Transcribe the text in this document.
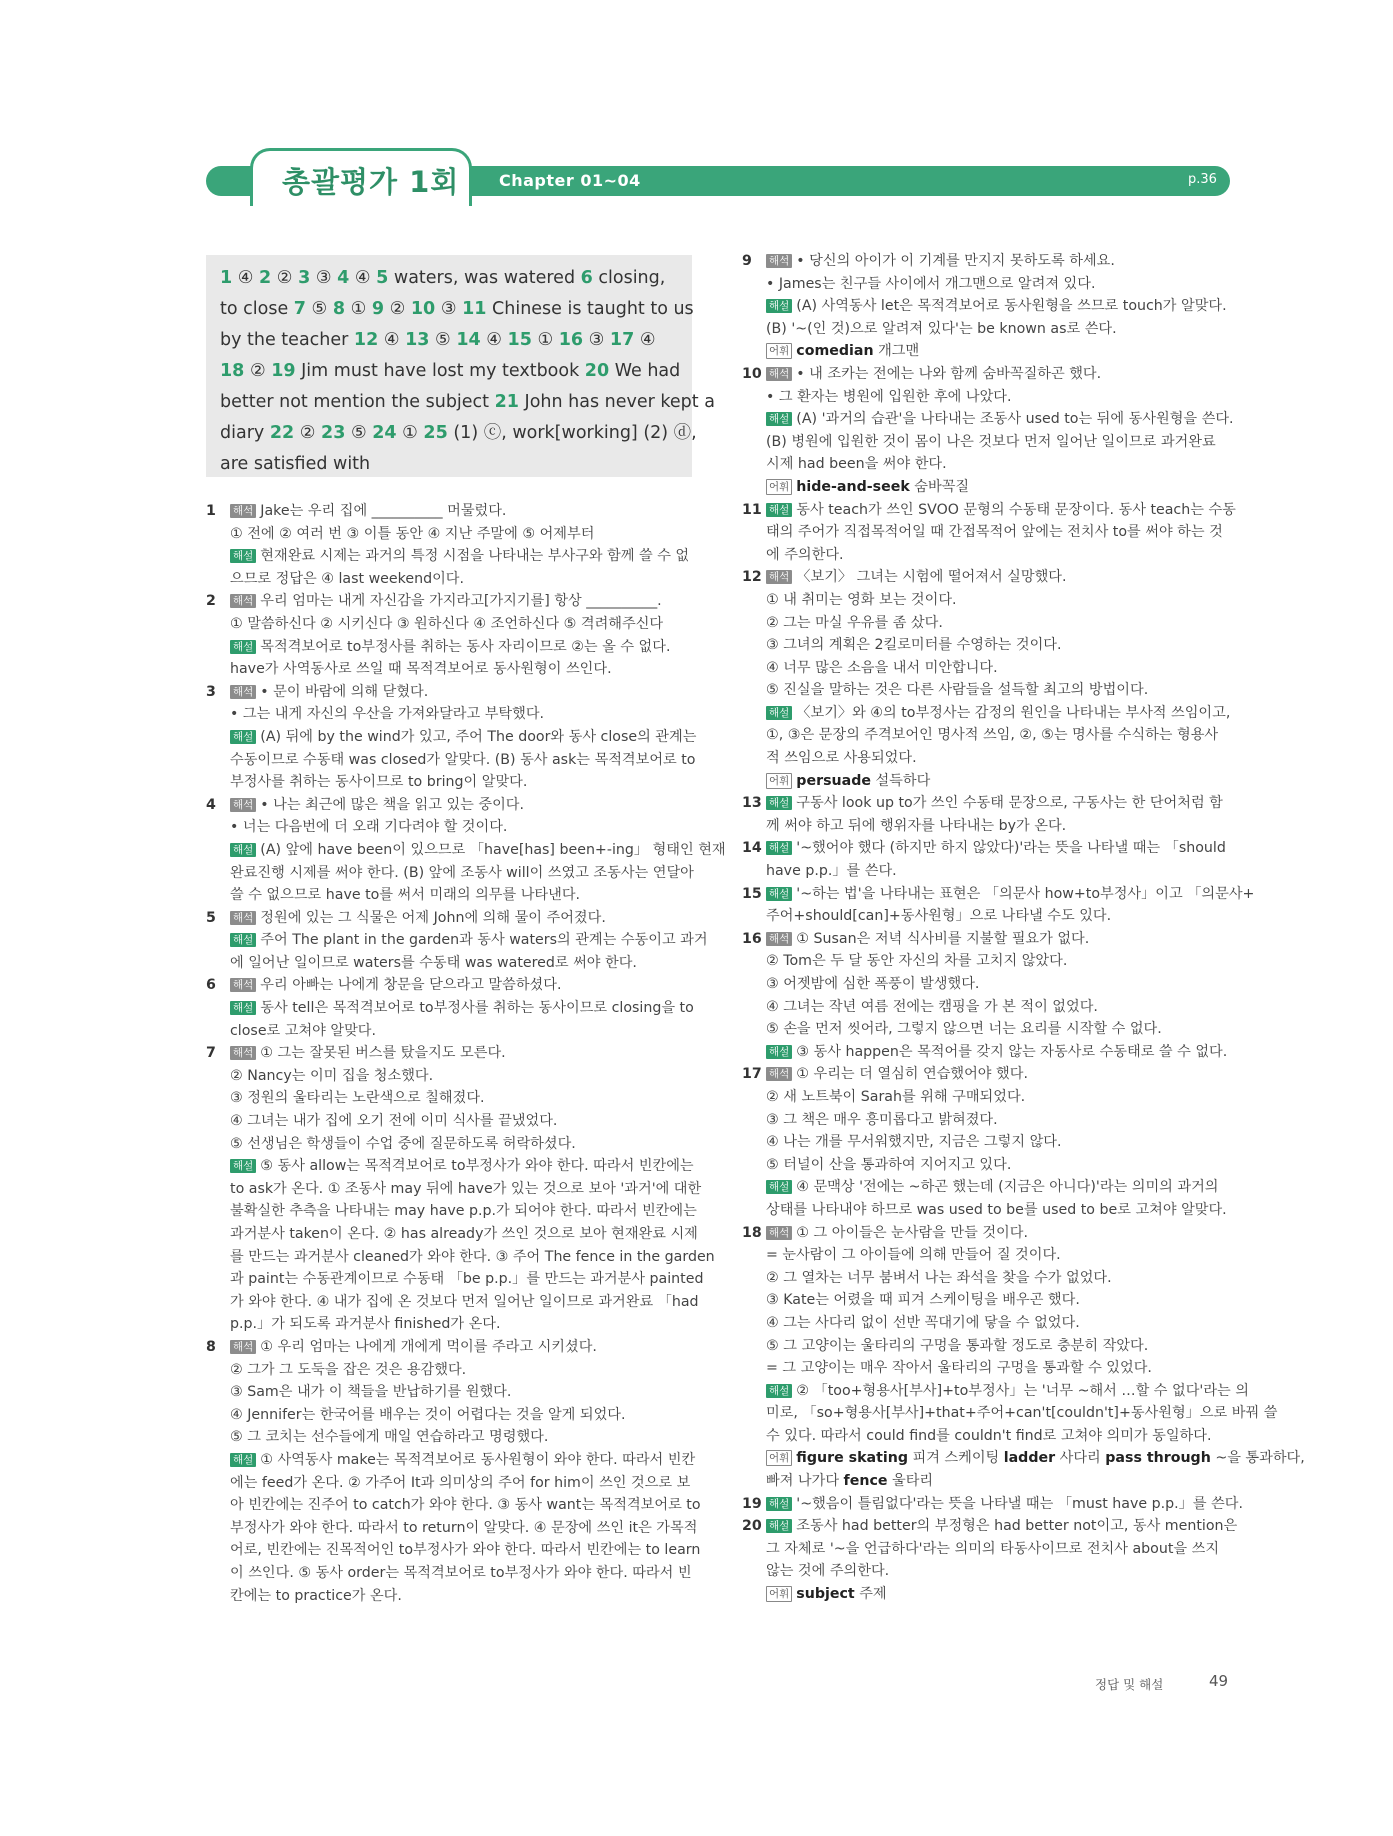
총괄평가 1회 Chapter 01~04	p.36
1 ④ 2 ② 3 ③ 4 ④ 5 waters, was watered 6 closing,
to close 7 ⑤ 8 ① 9 ② 10 ③ 11 Chinese is taught to us
by the teacher 12 ④ 13 ⑤ 14 ④ 15 ① 16 ③ 17 ④
18 ② 19 Jim must have lost my textbook 20 We had
better not mention the subject 21 John has never kept a
diary 22 ② 23 ⑤ 24 ① 25 (1) ⓒ, work[working] (2) ⓓ,
are satisfied with
1 해석 Jake는 우리 집에 __________ 머물렀다.
① 전에 ② 여러 번 ③ 이틀 동안 ④ 지난 주말에 ⑤ 어제부터
해설 현재완료 시제는 과거의 특정 시점을 나타내는 부사구와 함께 쓸 수 없
으므로 정답은 ④ last weekend이다.
2 해석 우리 엄마는 내게 자신감을 가지라고[가지기를] 항상 __________.
① 말씀하신다 ② 시키신다 ③ 원하신다 ④ 조언하신다 ⑤ 격려해주신다
해설 목적격보어로 to부정사를 취하는 동사 자리이므로 ②는 올 수 없다.
have가 사역동사로 쓰일 때 목적격보어로 동사원형이 쓰인다.
3 해석 • 문이 바람에 의해 닫혔다.
• 그는 내게 자신의 우산을 가져와달라고 부탁했다.
해설 (A) 뒤에 by the wind가 있고, 주어 The door와 동사 close의 관계는
수동이므로 수동태 was closed가 알맞다. (B) 동사 ask는 목적격보어로 to
부정사를 취하는 동사이므로 to bring이 알맞다.
4 해석 • 나는 최근에 많은 책을 읽고 있는 중이다.
• 너는 다음번에 더 오래 기다려야 할 것이다.
해설 (A) 앞에 have been이 있으므로 「have[has] been+-ing」 형태인 현재
완료진행 시제를 써야 한다. (B) 앞에 조동사 will이 쓰였고 조동사는 연달아
쓸 수 없으므로 have to를 써서 미래의 의무를 나타낸다.
5 해석 정원에 있는 그 식물은 어제 John에 의해 물이 주어졌다.
해설 주어 The plant in the garden과 동사 waters의 관계는 수동이고 과거
에 일어난 일이므로 waters를 수동태 was watered로 써야 한다.
6 해석 우리 아빠는 나에게 창문을 닫으라고 말씀하셨다.
해설 동사 tell은 목적격보어로 to부정사를 취하는 동사이므로 closing을 to
close로 고쳐야 알맞다.
7 해석 ① 그는 잘못된 버스를 탔을지도 모른다.
② Nancy는 이미 집을 청소했다.
③ 정원의 울타리는 노란색으로 칠해졌다.
④ 그녀는 내가 집에 오기 전에 이미 식사를 끝냈었다.
⑤ 선생님은 학생들이 수업 중에 질문하도록 허락하셨다.
해설 ⑤ 동사 allow는 목적격보어로 to부정사가 와야 한다. 따라서 빈칸에는
to ask가 온다. ① 조동사 may 뒤에 have가 있는 것으로 보아 '과거'에 대한
불확실한 추측을 나타내는 may have p.p.가 되어야 한다. 따라서 빈칸에는
과거분사 taken이 온다. ② has already가 쓰인 것으로 보아 현재완료 시제
를 만드는 과거분사 cleaned가 와야 한다. ③ 주어 The fence in the garden
과 paint는 수동관계이므로 수동태 「be p.p.」를 만드는 과거분사 painted
가 와야 한다. ④ 내가 집에 온 것보다 먼저 일어난 일이므로 과거완료 「had
p.p.」가 되도록 과거분사 finished가 온다.
8 해석 ① 우리 엄마는 나에게 개에게 먹이를 주라고 시키셨다.
② 그가 그 도둑을 잡은 것은 용감했다.
③ Sam은 내가 이 책들을 반납하기를 원했다.
④ Jennifer는 한국어를 배우는 것이 어렵다는 것을 알게 되었다.
⑤ 그 코치는 선수들에게 매일 연습하라고 명령했다.
해설 ① 사역동사 make는 목적격보어로 동사원형이 와야 한다. 따라서 빈칸
에는 feed가 온다. ② 가주어 It과 의미상의 주어 for him이 쓰인 것으로 보
아 빈칸에는 진주어 to catch가 와야 한다. ③ 동사 want는 목적격보어로 to
부정사가 와야 한다. 따라서 to return이 알맞다. ④ 문장에 쓰인 it은 가목적
어로, 빈칸에는 진목적어인 to부정사가 와야 한다. 따라서 빈칸에는 to learn
이 쓰인다. ⑤ 동사 order는 목적격보어로 to부정사가 와야 한다. 따라서 빈
칸에는 to practice가 온다.
9 해석 • 당신의 아이가 이 기계를 만지지 못하도록 하세요.
• James는 친구들 사이에서 개그맨으로 알려져 있다.
해설 (A) 사역동사 let은 목적격보어로 동사원형을 쓰므로 touch가 알맞다.
(B) '~(인 것)으로 알려져 있다'는 be known as로 쓴다.
어휘 comedian 개그맨
10 해석 • 내 조카는 전에는 나와 함께 숨바꼭질하곤 했다.
• 그 환자는 병원에 입원한 후에 나았다.
해설 (A) '과거의 습관'을 나타내는 조동사 used to는 뒤에 동사원형을 쓴다.
(B) 병원에 입원한 것이 몸이 나은 것보다 먼저 일어난 일이므로 과거완료
시제 had been을 써야 한다.
어휘 hide-and-seek 숨바꼭질
11 해설 동사 teach가 쓰인 SVOO 문형의 수동태 문장이다. 동사 teach는 수동
태의 주어가 직접목적어일 때 간접목적어 앞에는 전치사 to를 써야 하는 것
에 주의한다.
12 해석 〈보기〉 그녀는 시험에 떨어져서 실망했다.
① 내 취미는 영화 보는 것이다.
② 그는 마실 우유를 좀 샀다.
③ 그녀의 계획은 2킬로미터를 수영하는 것이다.
④ 너무 많은 소음을 내서 미안합니다.
⑤ 진실을 말하는 것은 다른 사람들을 설득할 최고의 방법이다.
해설 〈보기〉와 ④의 to부정사는 감정의 원인을 나타내는 부사적 쓰임이고,
①, ③은 문장의 주격보어인 명사적 쓰임, ②, ⑤는 명사를 수식하는 형용사
적 쓰임으로 사용되었다.
어휘 persuade 설득하다
13 해설 구동사 look up to가 쓰인 수동태 문장으로, 구동사는 한 단어처럼 함
께 써야 하고 뒤에 행위자를 나타내는 by가 온다.
14 해설 '~했어야 했다 (하지만 하지 않았다)'라는 뜻을 나타낼 때는 「should
have p.p.」를 쓴다.
15 해설 '~하는 법'을 나타내는 표현은 「의문사 how+to부정사」이고 「의문사+
주어+should[can]+동사원형」으로 나타낼 수도 있다.
16 해석 ① Susan은 저녁 식사비를 지불할 필요가 없다.
② Tom은 두 달 동안 자신의 차를 고치지 않았다.
③ 어젯밤에 심한 폭풍이 발생했다.
④ 그녀는 작년 여름 전에는 캠핑을 가 본 적이 없었다.
⑤ 손을 먼저 씻어라, 그렇지 않으면 너는 요리를 시작할 수 없다.
해설 ③ 동사 happen은 목적어를 갖지 않는 자동사로 수동태로 쓸 수 없다.
17 해석 ① 우리는 더 열심히 연습했어야 했다.
② 새 노트북이 Sarah를 위해 구매되었다.
③ 그 책은 매우 흥미롭다고 밝혀졌다.
④ 나는 개를 무서워했지만, 지금은 그렇지 않다.
⑤ 터널이 산을 통과하여 지어지고 있다.
해설 ④ 문맥상 '전에는 ~하곤 했는데 (지금은 아니다)'라는 의미의 과거의
상태를 나타내야 하므로 was used to be를 used to be로 고쳐야 알맞다.
18 해석 ① 그 아이들은 눈사람을 만들 것이다.
= 눈사람이 그 아이들에 의해 만들어 질 것이다.
② 그 열차는 너무 붐벼서 나는 좌석을 찾을 수가 없었다.
③ Kate는 어렸을 때 피겨 스케이팅을 배우곤 했다.
④ 그는 사다리 없이 선반 꼭대기에 닿을 수 없었다.
⑤ 그 고양이는 울타리의 구멍을 통과할 정도로 충분히 작았다.
= 그 고양이는 매우 작아서 울타리의 구멍을 통과할 수 있었다.
해설 ② 「too+형용사[부사]+to부정사」는 '너무 ~해서 …할 수 없다'라는 의
미로, 「so+형용사[부사]+that+주어+can't[couldn't]+동사원형」으로 바꿔 쓸
수 있다. 따라서 could find를 couldn't find로 고쳐야 의미가 동일하다.
어휘 figure skating 피겨 스케이팅 ladder 사다리 pass through ~을 통과하다,
빠져 나가다 fence 울타리
19 해설 '~했음이 틀림없다'라는 뜻을 나타낼 때는 「must have p.p.」를 쓴다.
20 해설 조동사 had better의 부정형은 had better not이고, 동사 mention은
그 자체로 '~을 언급하다'라는 의미의 타동사이므로 전치사 about을 쓰지
않는 것에 주의한다.
어휘 subject 주제
정답 및 해설	49
